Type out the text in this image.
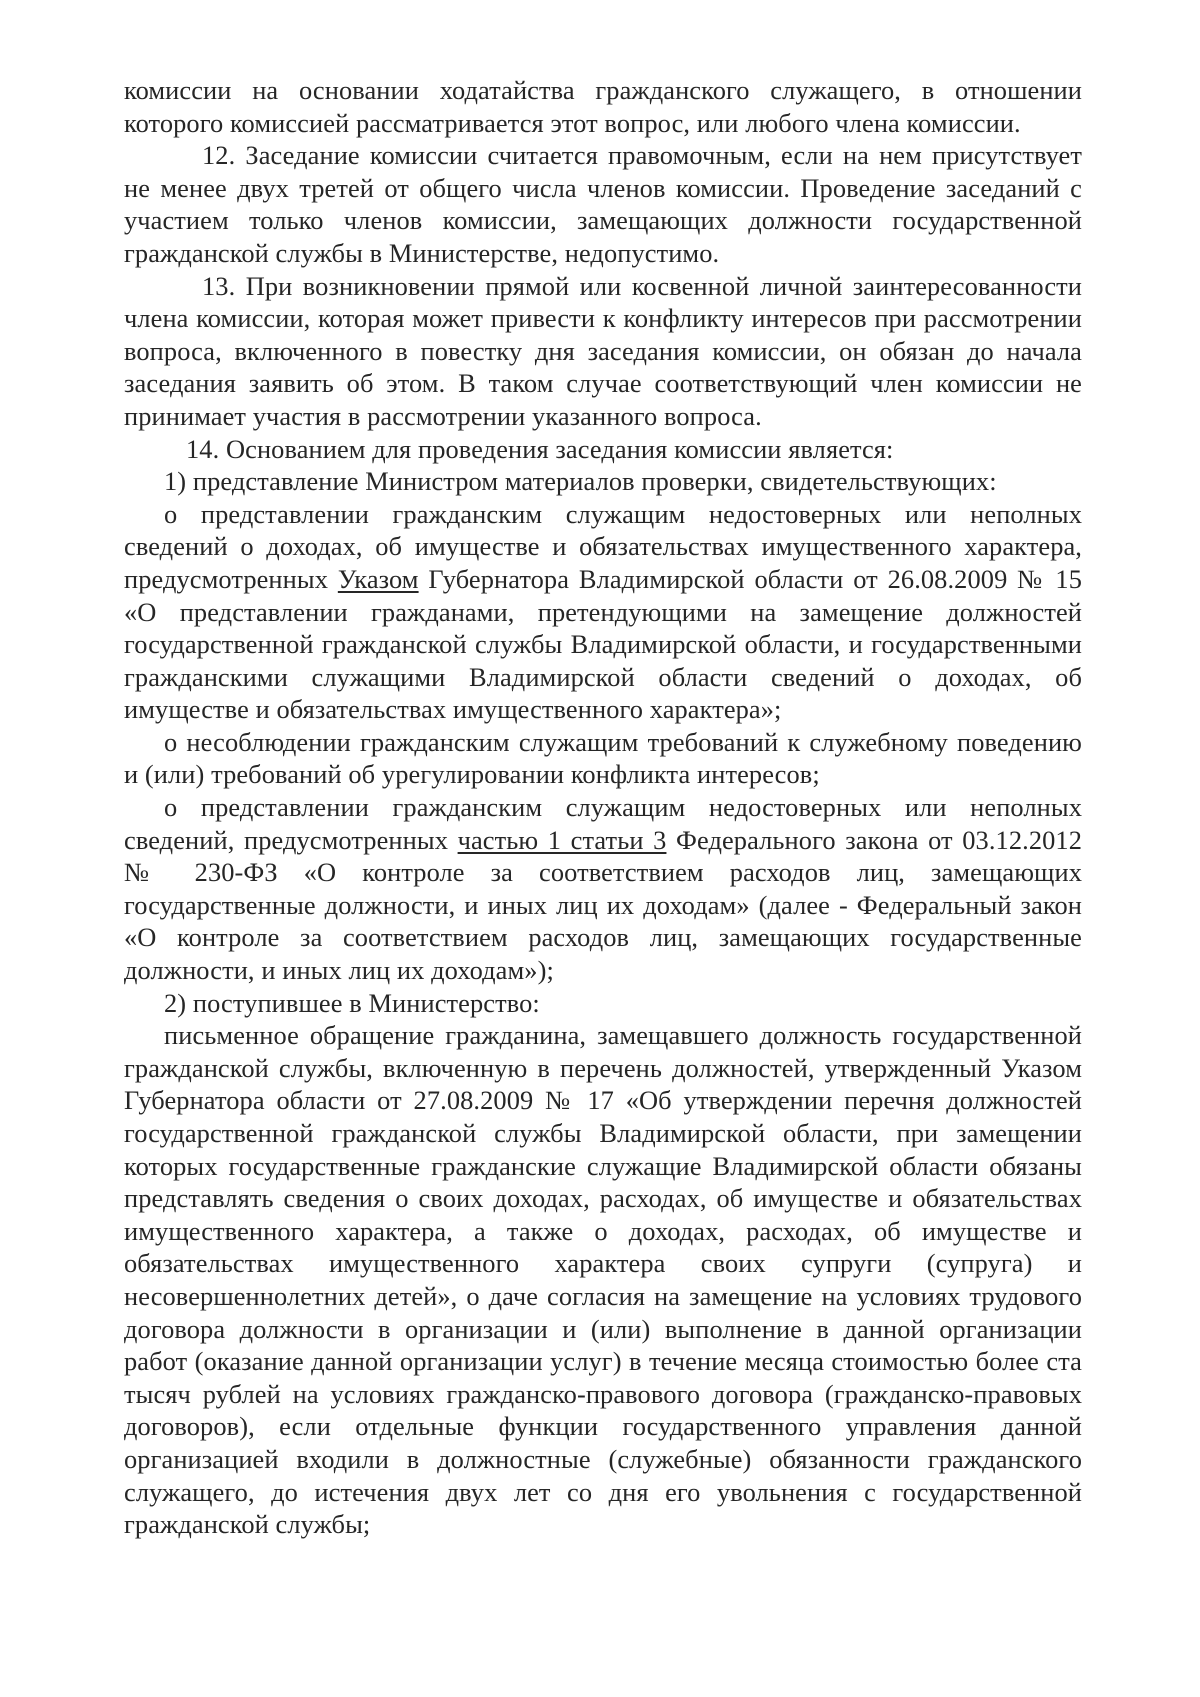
комиссии на основании ходатайства гражданского служащего, в отношении которого комиссией рассматривается этот вопрос, или любого члена комиссии.

12. Заседание комиссии считается правомочным, если на нем присутствует не менее двух третей от общего числа членов комиссии. Проведение заседаний с участием только членов комиссии, замещающих должности государственной гражданской службы в Министерстве, недопустимо.

13. При возникновении прямой или косвенной личной заинтересованности члена комиссии, которая может привести к конфликту интересов при рассмотрении вопроса, включенного в повестку дня заседания комиссии, он обязан до начала заседания заявить об этом. В таком случае соответствующий член комиссии не принимает участия в рассмотрении указанного вопроса.

14. Основанием для проведения заседания комиссии является:

1) представление Министром материалов проверки, свидетельствующих:

о представлении гражданским служащим недостоверных или неполных сведений о доходах, об имуществе и обязательствах имущественного характера, предусмотренных Указом Губернатора Владимирской области от 26.08.2009 № 15 «О представлении гражданами, претендующими на замещение должностей государственной гражданской службы Владимирской области, и государственными гражданскими служащими Владимирской области сведений о доходах, об имуществе и обязательствах имущественного характера»;

о несоблюдении гражданским служащим требований к служебному поведению и (или) требований об урегулировании конфликта интересов;

о представлении гражданским служащим недостоверных или неполных сведений, предусмотренных частью 1 статьи 3 Федерального закона от 03.12.2012 № 230-ФЗ «О контроле за соответствием расходов лиц, замещающих государственные должности, и иных лиц их доходам» (далее - Федеральный закон «О контроле за соответствием расходов лиц, замещающих государственные должности, и иных лиц их доходам»);

2) поступившее в Министерство:

письменное обращение гражданина, замещавшего должность государственной гражданской службы, включенную в перечень должностей, утвержденный Указом Губернатора области от 27.08.2009 № 17 «Об утверждении перечня должностей государственной гражданской службы Владимирской области, при замещении которых государственные гражданские служащие Владимирской области обязаны представлять сведения о своих доходах, расходах, об имуществе и обязательствах имущественного характера, а также о доходах, расходах, об имуществе и обязательствах имущественного характера своих супруги (супруга) и несовершеннолетних детей», о даче согласия на замещение на условиях трудового договора должности в организации и (или) выполнение в данной организации работ (оказание данной организации услуг) в течение месяца стоимостью более ста тысяч рублей на условиях гражданско-правового договора (гражданско-правовых договоров), если отдельные функции государственного управления данной организацией входили в должностные (служебные) обязанности гражданского служащего, до истечения двух лет со дня его увольнения с государственной гражданской службы;
